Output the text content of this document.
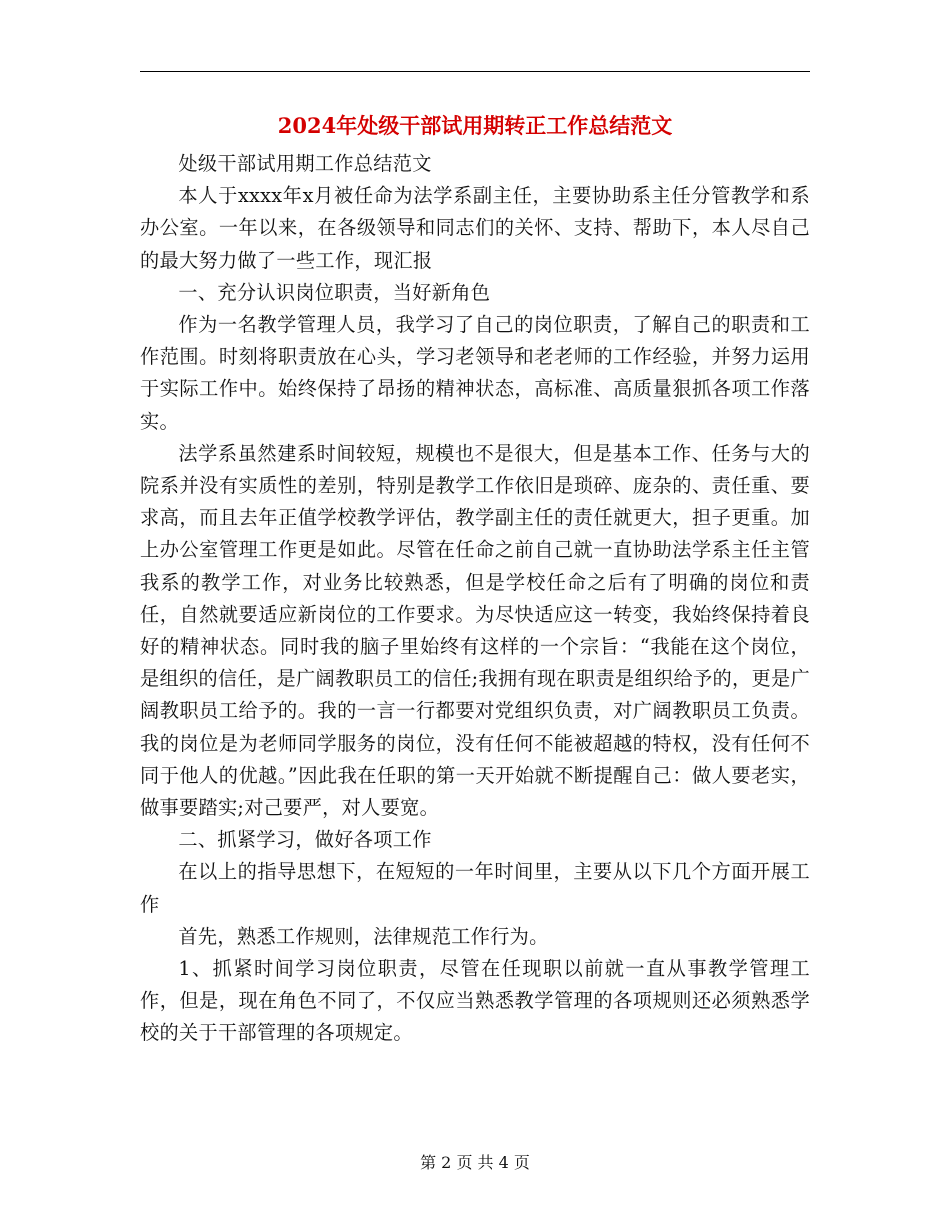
2024年处级干部试用期转正工作总结范文

处级干部试用期工作总结范文

本人于xxxx年x月被任命为法学系副主任，主要协助系主任分管教学和系办公室。一年以来，在各级领导和同志们的关怀、支持、帮助下，本人尽自己的最大努力做了一些工作，现汇报

一、充分认识岗位职责，当好新角色

作为一名教学管理人员，我学习了自己的岗位职责，了解自己的职责和工作范围。时刻将职责放在心头，学习老领导和老老师的工作经验，并努力运用于实际工作中。始终保持了昂扬的精神状态，高标准、高质量狠抓各项工作落实。

法学系虽然建系时间较短，规模也不是很大，但是基本工作、任务与大的院系并没有实质性的差别，特别是教学工作依旧是琐碎、庞杂的、责任重、要求高，而且去年正值学校教学评估，教学副主任的责任就更大，担子更重。加上办公室管理工作更是如此。尽管在任命之前自己就一直协助法学系主任主管我系的教学工作，对业务比较熟悉，但是学校任命之后有了明确的岗位和责任，自然就要适应新岗位的工作要求。为尽快适应这一转变，我始终保持着良好的精神状态。同时我的脑子里始终有这样的一个宗旨：“我能在这个岗位，是组织的信任，是广阔教职员工的信任;我拥有现在职责是组织给予的，更是广阔教职员工给予的。我的一言一行都要对党组织负责，对广阔教职员工负责。我的岗位是为老师同学服务的岗位，没有任何不能被超越的特权，没有任何不同于他人的优越。”因此我在任职的第一天开始就不断提醒自己：做人要老实，做事要踏实;对己要严，对人要宽。

二、抓紧学习，做好各项工作

在以上的指导思想下，在短短的一年时间里，主要从以下几个方面开展工作

首先，熟悉工作规则，法律规范工作行为。

1、抓紧时间学习岗位职责，尽管在任现职以前就一直从事教学管理工作，但是，现在角色不同了，不仅应当熟悉教学管理的各项规则还必须熟悉学校的关于干部管理的各项规定。

第 2 页 共 4 页
